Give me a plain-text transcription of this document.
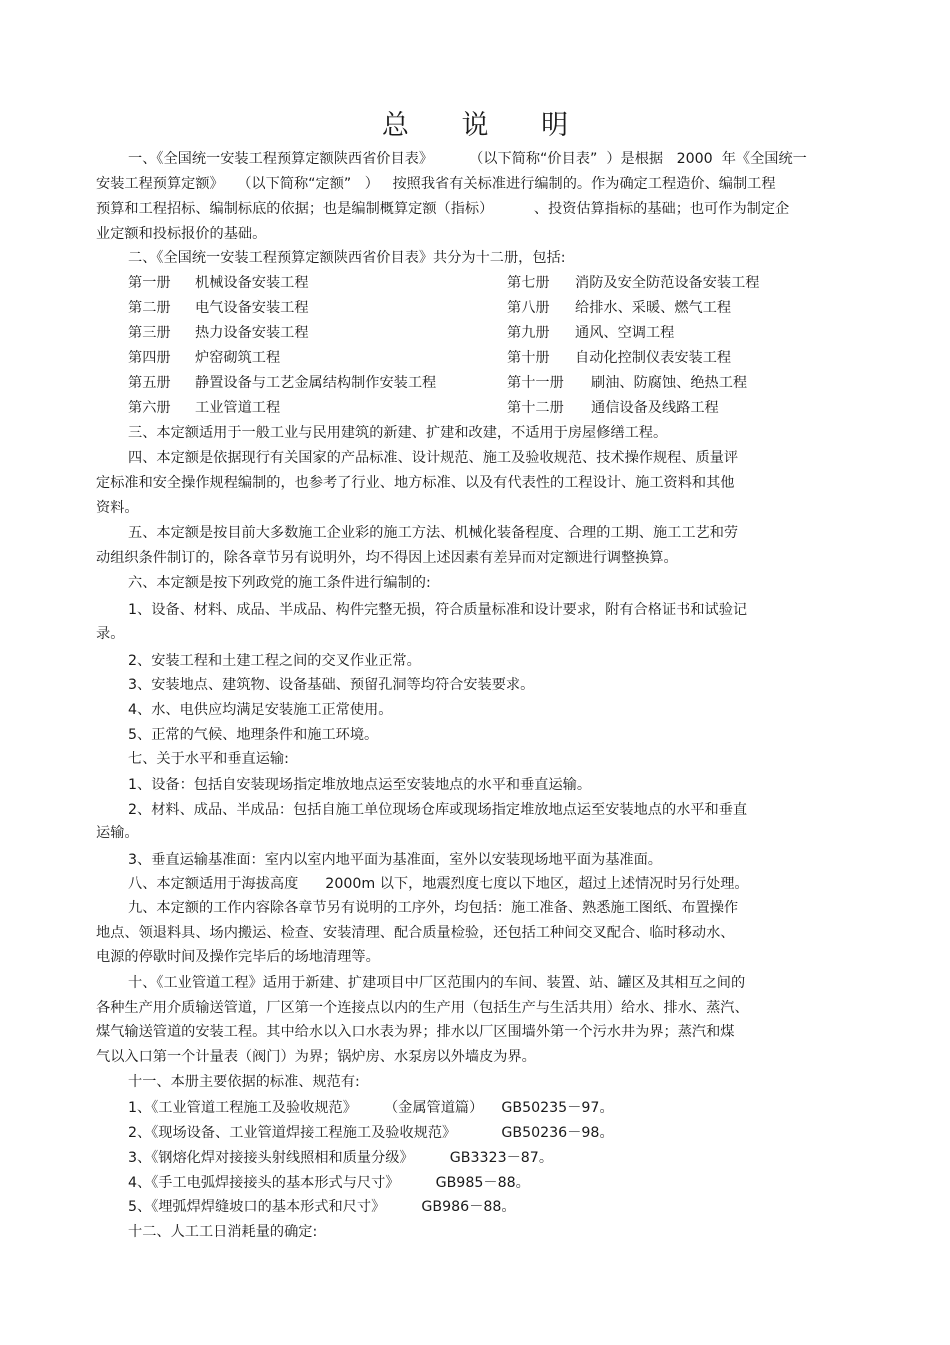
总 说 明
一、《全国统一安装工程预算定额陕西省价目表》        （以下简称“价目表”  ）是根据   2000  年《全国统一
安装工程预算定额》   （以下简称“定额”   ）   按照我省有关标准进行编制的。作为确定工程造价、编制工程
预算和工程招标、编制标底的依据；也是编制概算定额（指标）         、投资估算指标的基础；也可作为制定企
业定额和投标报价的基础。
二、《全国统一安装工程预算定额陕西省价目表》共分为十二册，包括:
第一册 机械设备安装工程	第七册 消防及安全防范设备安装工程
第二册 电气设备安装工程	第八册 给排水、采暖、燃气工程
第三册 热力设备安装工程	第九册 通风、空调工程
第四册 炉窑砌筑工程	第十册 自动化控制仪表安装工程
第五册 静置设备与工艺金属结构制作安装工程	第十一册 刷油、防腐蚀、绝热工程
第六册 工业管道工程	第十二册 通信设备及线路工程
三、本定额适用于一般工业与民用建筑的新建、扩建和改建，不适用于房屋修缮工程。
四、本定额是依据现行有关国家的产品标准、设计规范、施工及验收规范、技术操作规程、质量评
定标准和安全操作规程编制的，也参考了行业、地方标准、以及有代表性的工程设计、施工资料和其他
资料。
五、本定额是按目前大多数施工企业彩的施工方法、机械化装备程度、合理的工期、施工工艺和劳
动组织条件制订的，除各章节另有说明外，均不得因上述因素有差异而对定额进行调整换算。
六、本定额是按下列政党的施工条件进行编制的:
1、设备、材料、成品、半成品、构件完整无损，符合质量标准和设计要求，附有合格证书和试验记
录。
2、安装工程和土建工程之间的交叉作业正常。
3、安装地点、建筑物、设备基础、预留孔洞等均符合安装要求。
4、水、电供应均满足安装施工正常使用。
5、正常的气候、地理条件和施工环境。
七、关于水平和垂直运输:
1、设备：包括自安装现场指定堆放地点运至安装地点的水平和垂直运输。
2、材料、成品、半成品：包括自施工单位现场仓库或现场指定堆放地点运至安装地点的水平和垂直
运输。
3、垂直运输基准面：室内以室内地平面为基准面，室外以安装现场地平面为基准面。
八、本定额适用于海拔高度      2000m 以下，地震烈度七度以下地区，超过上述情况时另行处理。
九、本定额的工作内容除各章节另有说明的工序外，均包括：施工准备、熟悉施工图纸、布置操作
地点、领退料具、场内搬运、检查、安装清理、配合质量检验，还包括工种间交叉配合、临时移动水、
电源的停歇时间及操作完毕后的场地清理等。
十、《工业管道工程》适用于新建、扩建项目中厂区范围内的车间、装置、站、罐区及其相互之间的
各种生产用介质输送管道，厂区第一个连接点以内的生产用（包括生产与生活共用）给水、排水、蒸汽、
煤气输送管道的安装工程。其中给水以入口水表为界；排水以厂区围墙外第一个污水井为界；蒸汽和煤
气以入口第一个计量表（阀门）为界；锅炉房、水泵房以外墙皮为界。
十一、本册主要依据的标准、规范有:
1、《工业管道工程施工及验收规范》      （金属管道篇）    GB50235－97。
2、《现场设备、工业管道焊接工程施工及验收规范》          GB50236－98。
3、《钢熔化焊对接接头射线照相和质量分级》        GB3323－87。
4、《手工电弧焊接接头的基本形式与尺寸》        GB985－88。
5、《埋弧焊焊缝坡口的基本形式和尺寸》        GB986－88。
十二、人工工日消耗量的确定:
